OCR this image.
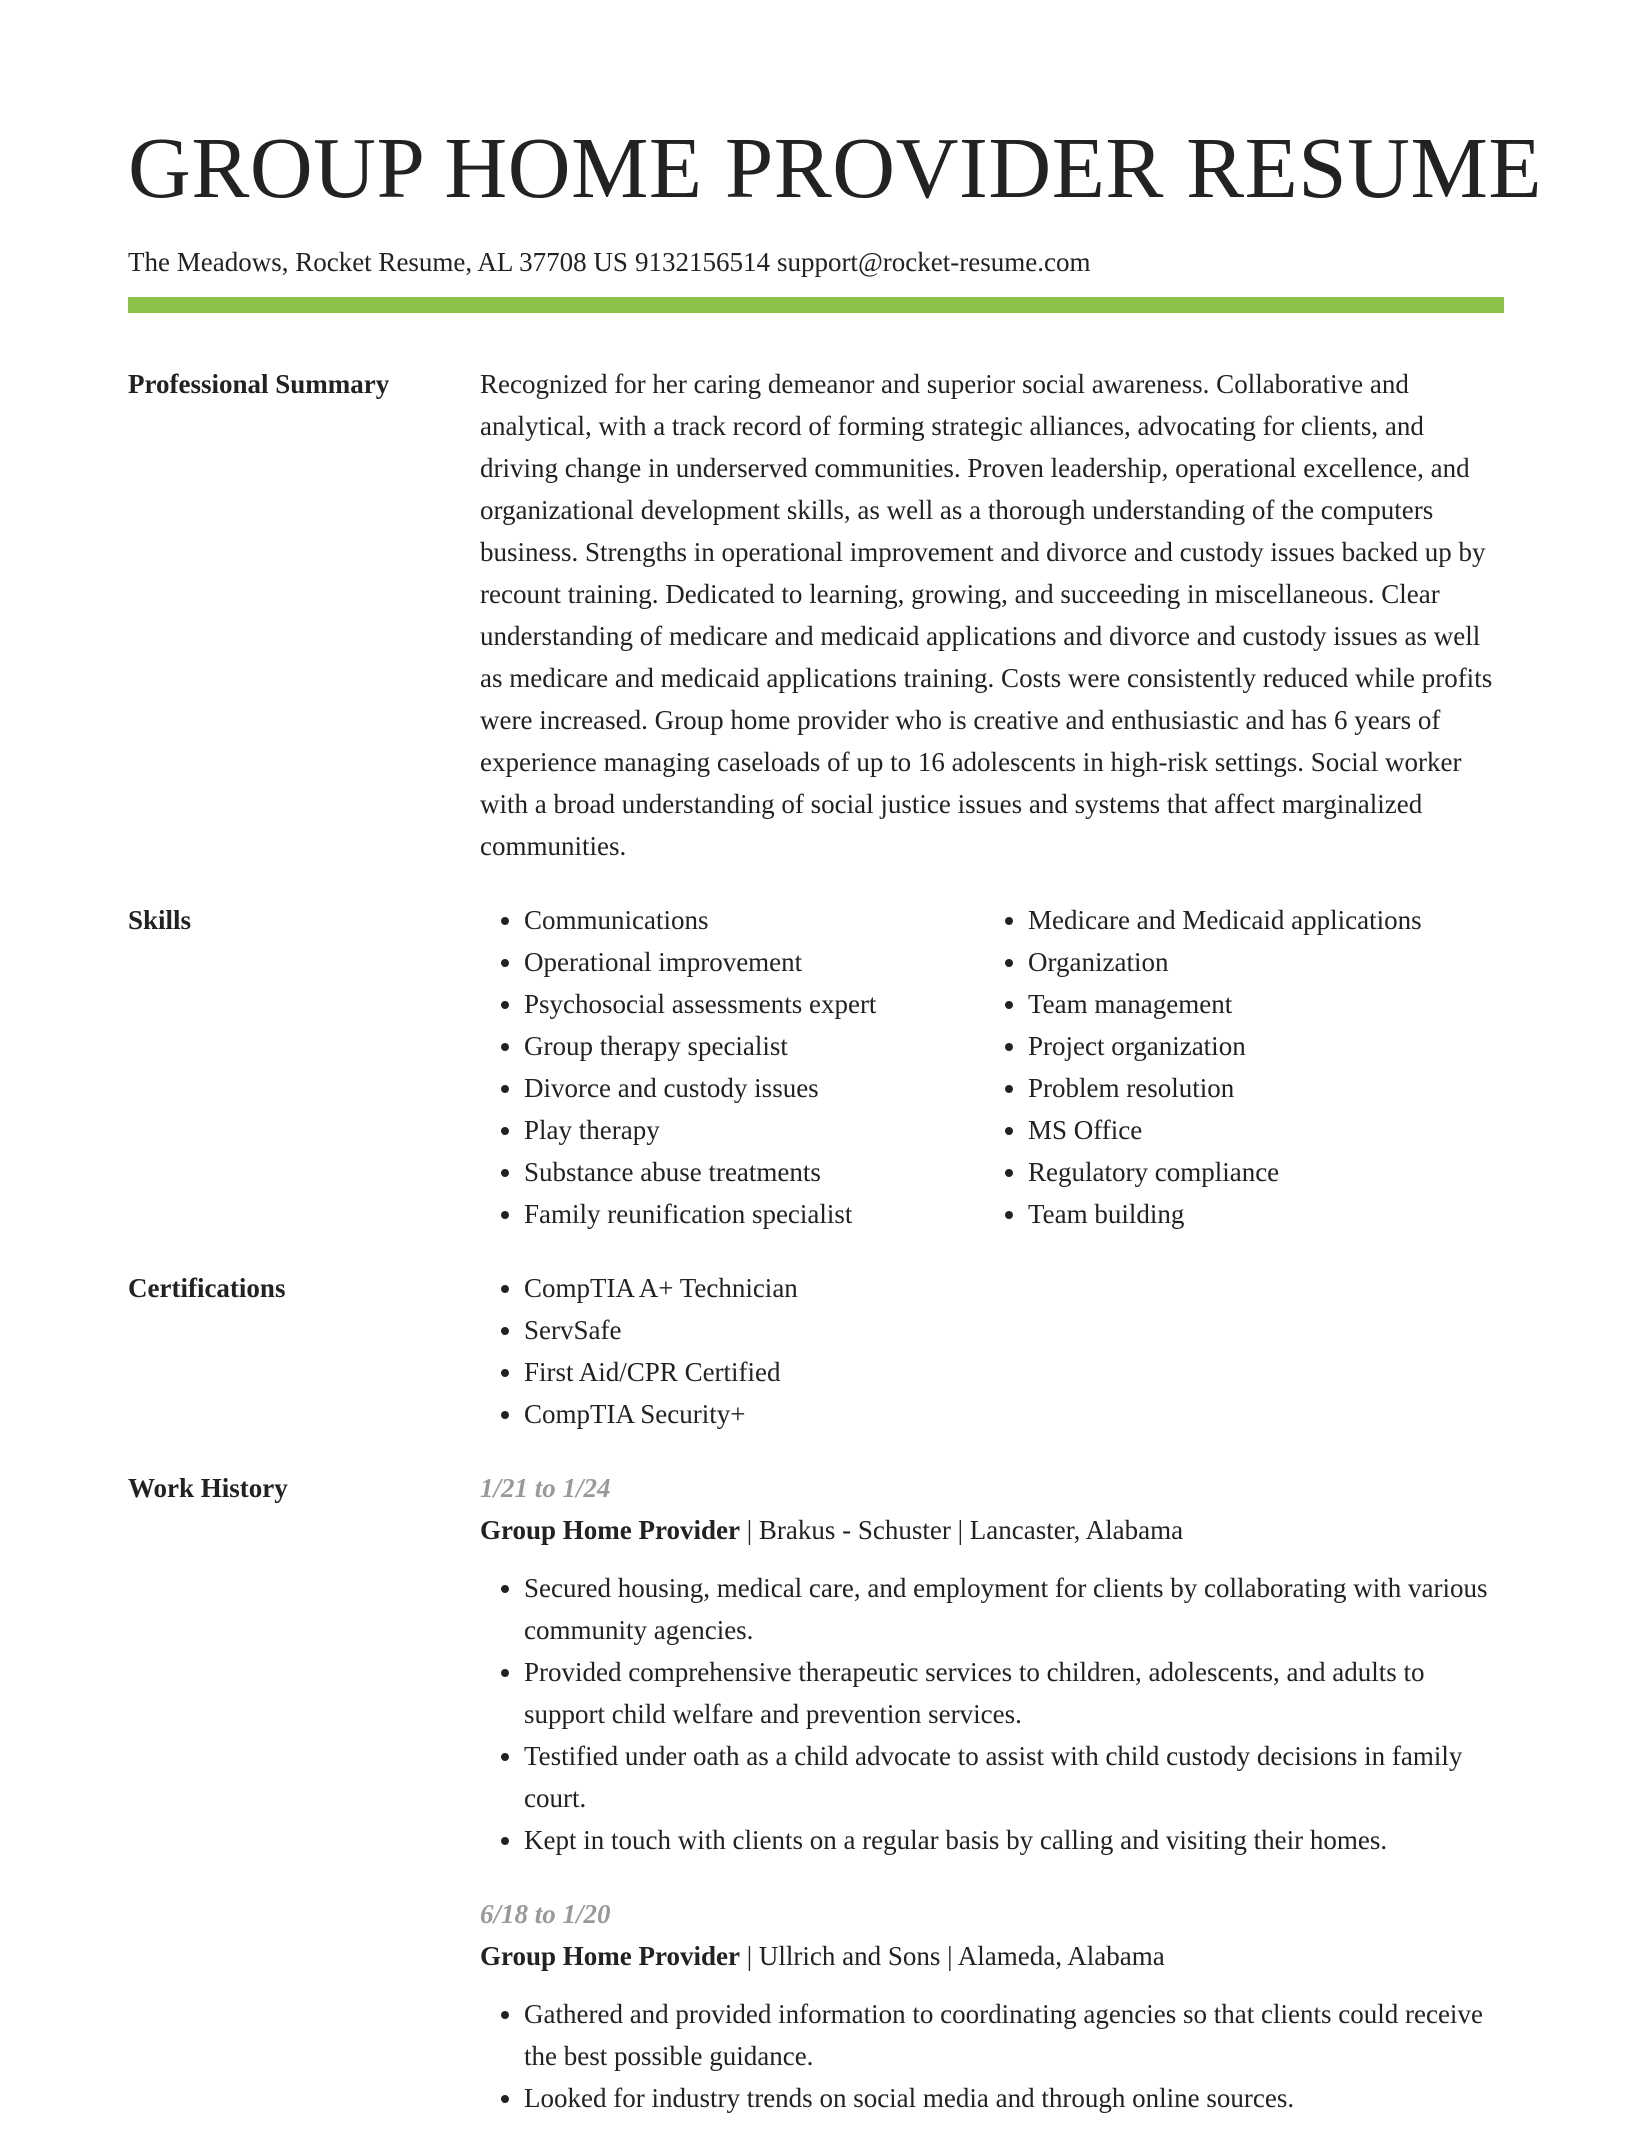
GROUP HOME PROVIDER RESUME
The Meadows, Rocket Resume, AL 37708 US 9132156514 support@rocket-resume.com
Professional Summary	Recognized for her caring demeanor and superior social awareness. Collaborative and analytical, with a track record of forming strategic alliances, advocating for clients, and driving change in underserved communities. Proven leadership, operational excellence, and organizational development skills, as well as a thorough understanding of the computers business. Strengths in operational improvement and divorce and custody issues backed up by recount training. Dedicated to learning, growing, and succeeding in miscellaneous. Clear understanding of medicare and medicaid applications and divorce and custody issues as well as medicare and medicaid applications training. Costs were consistently reduced while profits were increased. Group home provider who is creative and enthusiastic and has 6 years of experience managing caseloads of up to 16 adolescents in high-risk settings. Social worker with a broad understanding of social justice issues and systems that affect marginalized communities.

Skills	• Communications
• Operational improvement
• Psychosocial assessments expert
• Group therapy specialist
• Divorce and custody issues
• Play therapy
• Substance abuse treatments
• Family reunification specialist
• Medicare and Medicaid applications
• Organization
• Team management
• Project organization
• Problem resolution
• MS Office
• Regulatory compliance
• Team building
Certifications	• CompTIA A+ Technician
• ServSafe
• First Aid/CPR Certified
• CompTIA Security+
Work History	1/21 to 1/24
Group Home Provider | Brakus - Schuster | Lancaster, Alabama
• Secured housing, medical care, and employment for clients by collaborating with various community agencies.
• Provided comprehensive therapeutic services to children, adolescents, and adults to support child welfare and prevention services.
• Testified under oath as a child advocate to assist with child custody decisions in family court.
• Kept in touch with clients on a regular basis by calling and visiting their homes.
6/18 to 1/20
Group Home Provider | Ullrich and Sons | Alameda, Alabama
• Gathered and provided information to coordinating agencies so that clients could receive the best possible guidance.
• Looked for industry trends on social media and through online sources.
